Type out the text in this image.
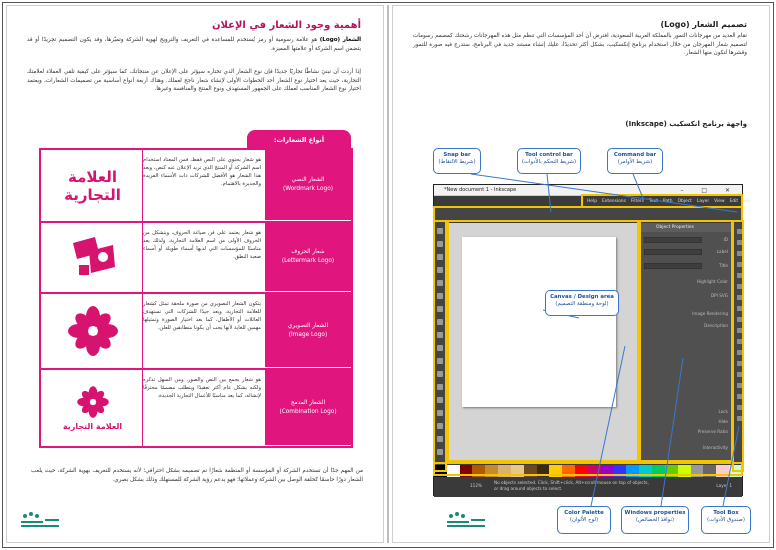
أهمية وجود الشعار في الإعلان
الشعار (Logo) هو علامة رسومية أو رمز يُستخدم للمساعدة في التعريف والترويج لهوية الشركة وتميّزها، وقد يكون التصميم تجريدًا أو قد يتضمن اسم الشركة أو علامتها المميزة.
إذا أردت أن تبنيَ نشاطًا تجاريًا جديدًا فإن نوع الشعار الذي تختاره سيؤثر على الإعلان عن منتجاتك، كما سيؤثر على كيفية تلقي العملاء لعلامتك التجارية، حيث يعد اختيار نوع الشعار أحد الخطوات الأولى لإنشاء شعار ناجح لعملك. وهناك أربعة أنواع أساسية من تصميمات الشعارات، ويعتمد اختيار نوع الشعار المناسب لعملك على الجمهور المستهدف ونوع المنتج والمنافسة وغيرها.
أنواع الشعارات:
الشعار النصي
(Wordmark Logo)
هو شعار يحتوي على النص فقط، فمن المعتاد استخدام اسم الشركة أو المنتج الذي تريد الإعلان عنه كنص، ويعد هذا الشعار هو الأفضل للشركات ذات الأسماء الفريدة والجديرة بالاهتمام.
العلامة
التجارية
شعار الحروف
(Lettermark Logo)
هو شعار يعتمد على فن صياغة الحروف، ويتشكل من الحروف الأولى من اسم العلامة التجارية، ولذلك يعد مناسبًا للمؤسسات التي لديها أسماء طويلة أو أسماء صعبة النطق.
الشعار التصويري
(Image Logo)
يتكون الشعار التصويري من صورة ملحقة تمثل كشعار للعلامة التجارية، ويعد جيدًا للشركات التي تستهدف العائلات أو الأطفال، كما يعد اختيار الصورة وتمثيلها مهمين للغاية لأنها يجب أن يكونا متطابقين للعلن.
الشعار المدمج
(Combination Logo)
هو شعار يجمع بين النص والصور، ومن السهل تذكره ولكنه يشكل عام أكثر تعقيدًا ويتطلب مصممًا محترفًا لإنشائه، كما يعد مناسبًا للأعمال التجارية الجديدة.
العلامة التجارية
من المهم جدًا أن تستخدم الشركة أو المؤسسة أو المنظمة شعارًا تم تصميمه بشكل احترافي؛ لأنه يستخدم للتعريف بهوية الشركة، حيث يلعب الشعار دورًا حاسمًا كحلقة الوصل بين الشركة وعملائها؛ فهو يدعم رؤية الشركة للمستهلك وذلك بشكل بصري.
تصميم الشعار (Logo)
تقام العديد من مهرجانات التمور بالمملكة العربية السعودية، افترض أن أحد المؤسسات التي تنظم مثل هذه المهرجانات رشحتك كمصمم رسومات لتصميم شعار المهرجان من خلال استخدام برنامج إنكسكيب، بشكل أكثر تحديدًا، عليك إنشاء مستند جديد في البرنامج، ستدرج فيه صورة للتمور وقشرها لتكون منها الشعار.
واجهة برنامج انكسكيب (Inkscape)
*New document 1 - Inkscape	– □ ✕
Help Extensions Filters Text Path Object Layer View Edit File
Object Properties
ID
Label
Title
Highlight Color
DPI SVG
Image Rendering
Description
Lock
Hide
Preserve Ratio
Interactivity
No objects selected. Click, Shift+click, Alt+scroll mouse on top of objects, or drag around objects to select.
112%	Layer 1
Snap bar
(شريط الالتقاط)
Tool control bar
(شريط التحكم بالأدوات)
Command bar
(شريط الأوامر)
Canvas / Design area
(لوحة ومنطقة التصميم)
Color Palette
(لوح الألوان)
Windows properties
(نوافذ الخصائص)
Tool Box
(صندوق الأدوات)
